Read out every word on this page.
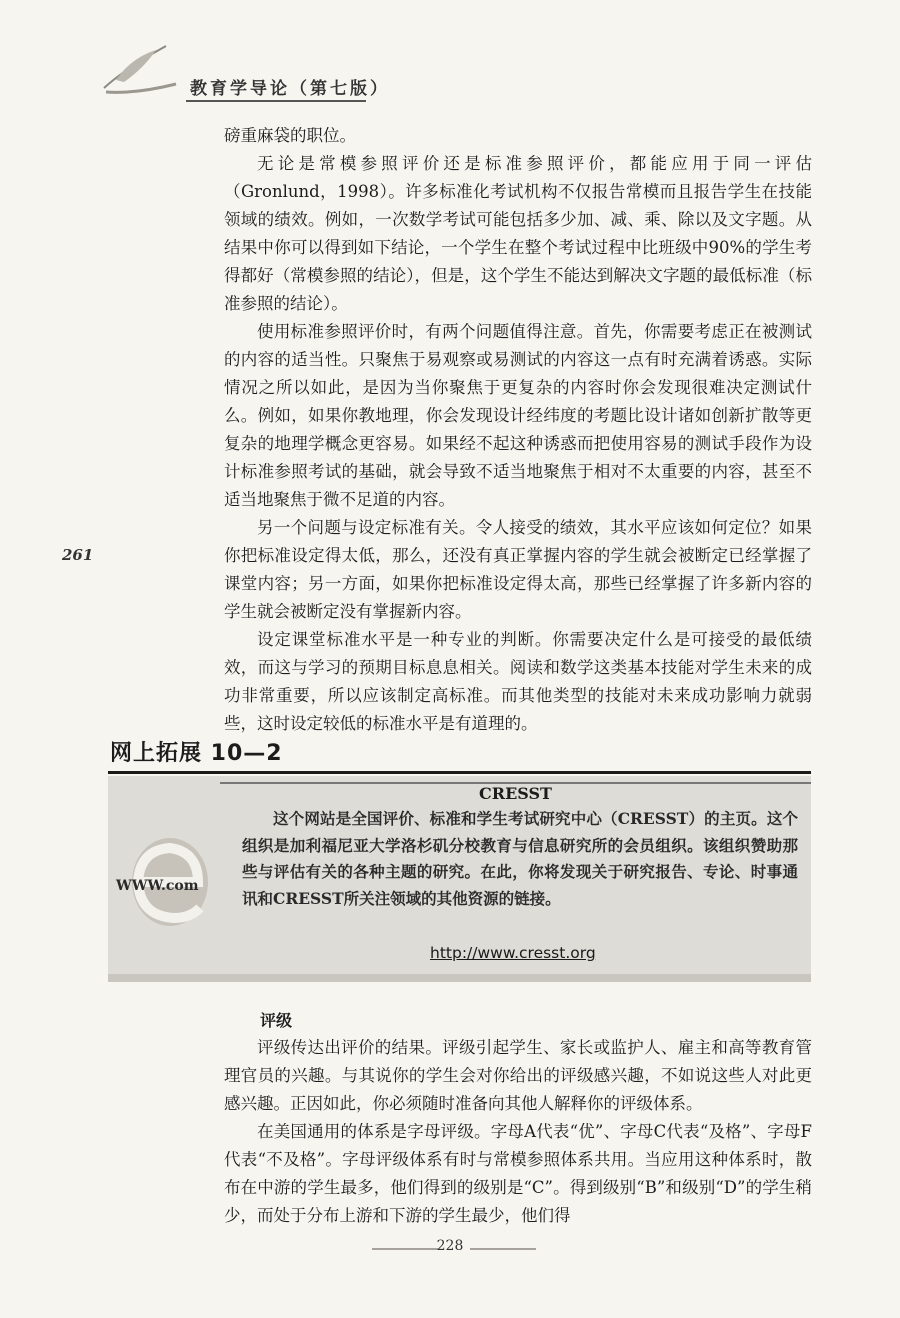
教育学导论（第七版）
261

磅重麻袋的职位。

无论是常模参照评价还是标准参照评价，都能应用于同一评估（Gronlund，1998）。许多标准化考试机构不仅报告常模而且报告学生在技能领域的绩效。例如，一次数学考试可能包括多少加、减、乘、除以及文字题。从结果中你可以得到如下结论，一个学生在整个考试过程中比班级中90%的学生考得都好（常模参照的结论），但是，这个学生不能达到解决文字题的最低标准（标准参照的结论）。

使用标准参照评价时，有两个问题值得注意。首先，你需要考虑正在被测试的内容的适当性。只聚焦于易观察或易测试的内容这一点有时充满着诱惑。实际情况之所以如此，是因为当你聚焦于更复杂的内容时你会发现很难决定测试什么。例如，如果你教地理，你会发现设计经纬度的考题比设计诸如创新扩散等更复杂的地理学概念更容易。如果经不起这种诱惑而把使用容易的测试手段作为设计标准参照考试的基础，就会导致不适当地聚焦于相对不太重要的内容，甚至不适当地聚焦于微不足道的内容。

另一个问题与设定标准有关。令人接受的绩效，其水平应该如何定位？如果你把标准设定得太低，那么，还没有真正掌握内容的学生就会被断定已经掌握了课堂内容；另一方面，如果你把标准设定得太高，那些已经掌握了许多新内容的学生就会被断定没有掌握新内容。

设定课堂标准水平是一种专业的判断。你需要决定什么是可接受的最低绩效，而这与学习的预期目标息息相关。阅读和数学这类基本技能对学生未来的成功非常重要，所以应该制定高标准。而其他类型的技能对未来成功影响力就弱些，这时设定较低的标准水平是有道理的。

网上拓展 10—2
WWW.com
CRESST

这个网站是全国评价、标准和学生考试研究中心（CRESST）的主页。这个组织是加利福尼亚大学洛杉矶分校教育与信息研究所的会员组织。该组织赞助那些与评估有关的各种主题的研究。在此，你将发现关于研究报告、专论、时事通讯和CRESST所关注领域的其他资源的链接。

http://www.cresst.org
评级

评级传达出评价的结果。评级引起学生、家长或监护人、雇主和高等教育管理官员的兴趣。与其说你的学生会对你给出的评级感兴趣，不如说这些人对此更感兴趣。正因如此，你必须随时准备向其他人解释你的评级体系。

在美国通用的体系是字母评级。字母A代表“优”、字母C代表“及格”、字母F代表“不及格”。字母评级体系有时与常模参照体系共用。当应用这种体系时，散布在中游的学生最多，他们得到的级别是“C”。得到级别“B”和级别“D”的学生稍少，而处于分布上游和下游的学生最少，他们得

228
